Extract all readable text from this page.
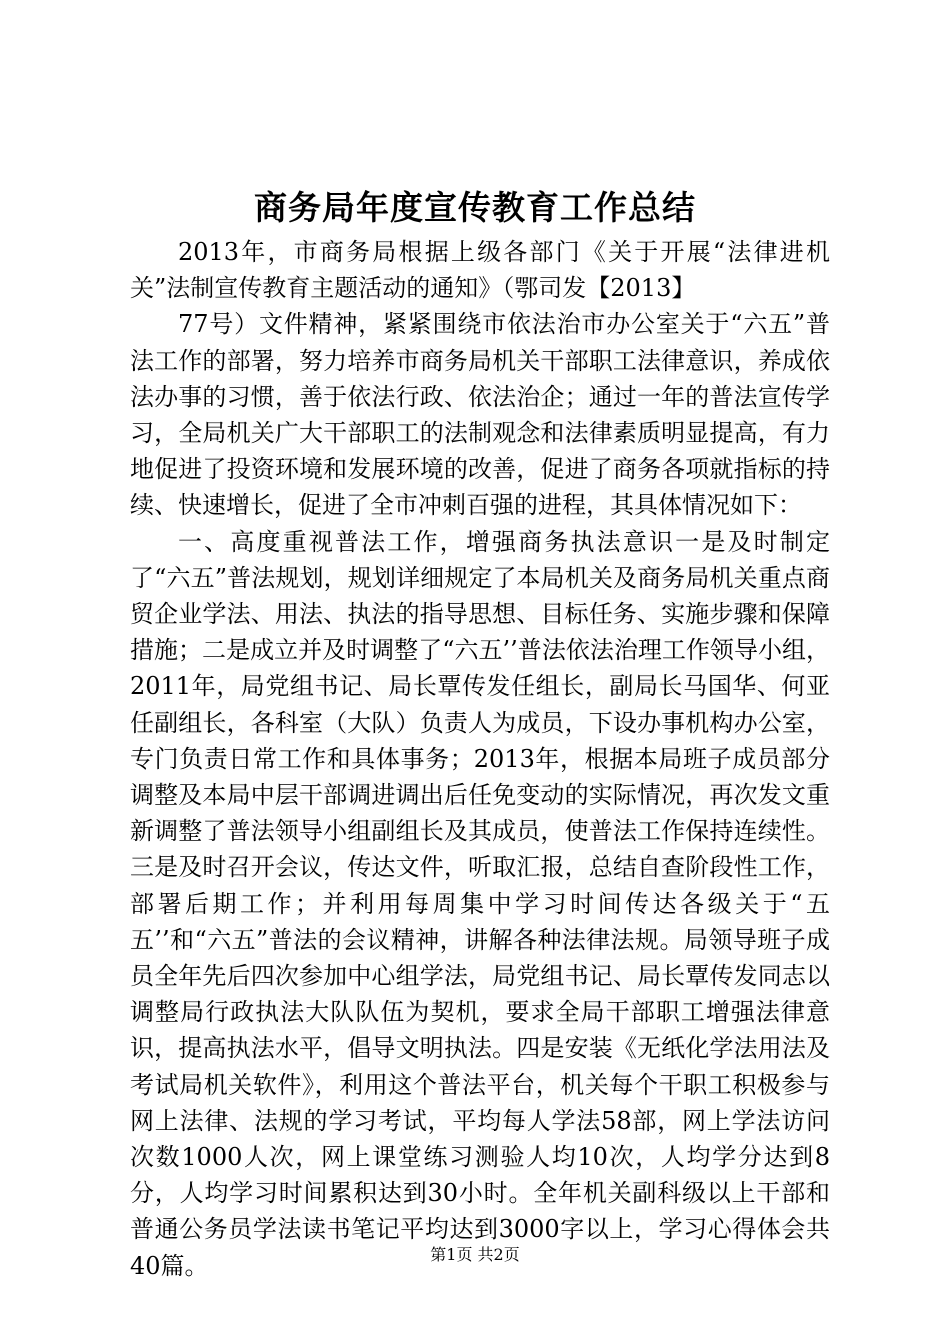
商务局年度宣传教育工作总结

2013年，市商务局根据上级各部门《关于开展“法律进机关”法制宣传教育主题活动的通知》（鄂司发【2013】

77号）文件精神，紧紧围绕市依法治市办公室关于“六五”普法工作的部署，努力培养市商务局机关干部职工法律意识，养成依法办事的习惯，善于依法行政、依法治企；通过一年的普法宣传学习，全局机关广大干部职工的法制观念和法律素质明显提高，有力地促进了投资环境和发展环境的改善，促进了商务各项就指标的持续、快速增长，促进了全市冲刺百强的进程，其具体情况如下：

一、高度重视普法工作，增强商务执法意识一是及时制定了“六五”普法规划，规划详细规定了本局机关及商务局机关重点商贸企业学法、用法、执法的指导思想、目标任务、实施步骤和保障措施；二是成立并及时调整了“六五’’普法依法治理工作领导小组，2011年，局党组书记、局长覃传发任组长，副局长马国华、何亚任副组长，各科室（大队）负责人为成员，下设办事机构办公室，专门负责日常工作和具体事务；2013年，根据本局班子成员部分调整及本局中层干部调进调出后任免变动的实际情况，再次发文重新调整了普法领导小组副组长及其成员，使普法工作保持连续性。三是及时召开会议，传达文件，听取汇报，总结自查阶段性工作，部署后期工作；并利用每周集中学习时间传达各级关于“五五’’和“六五”普法的会议精神，讲解各种法律法规。局领导班子成员全年先后四次参加中心组学法，局党组书记、局长覃传发同志以调整局行政执法大队队伍为契机，要求全局干部职工增强法律意识，提高执法水平，倡导文明执法。四是安装《无纸化学法用法及考试局机关软件》，利用这个普法平台，机关每个干职工积极参与网上法律、法规的学习考试，平均每人学法58部，网上学法访问次数1000人次，网上课堂练习测验人均10次，人均学分达到8分，人均学习时间累积达到30小时。全年机关副科级以上干部和普通公务员学法读书笔记平均达到3000字以上，学习心得体会共40篇。	第1页 共2页
